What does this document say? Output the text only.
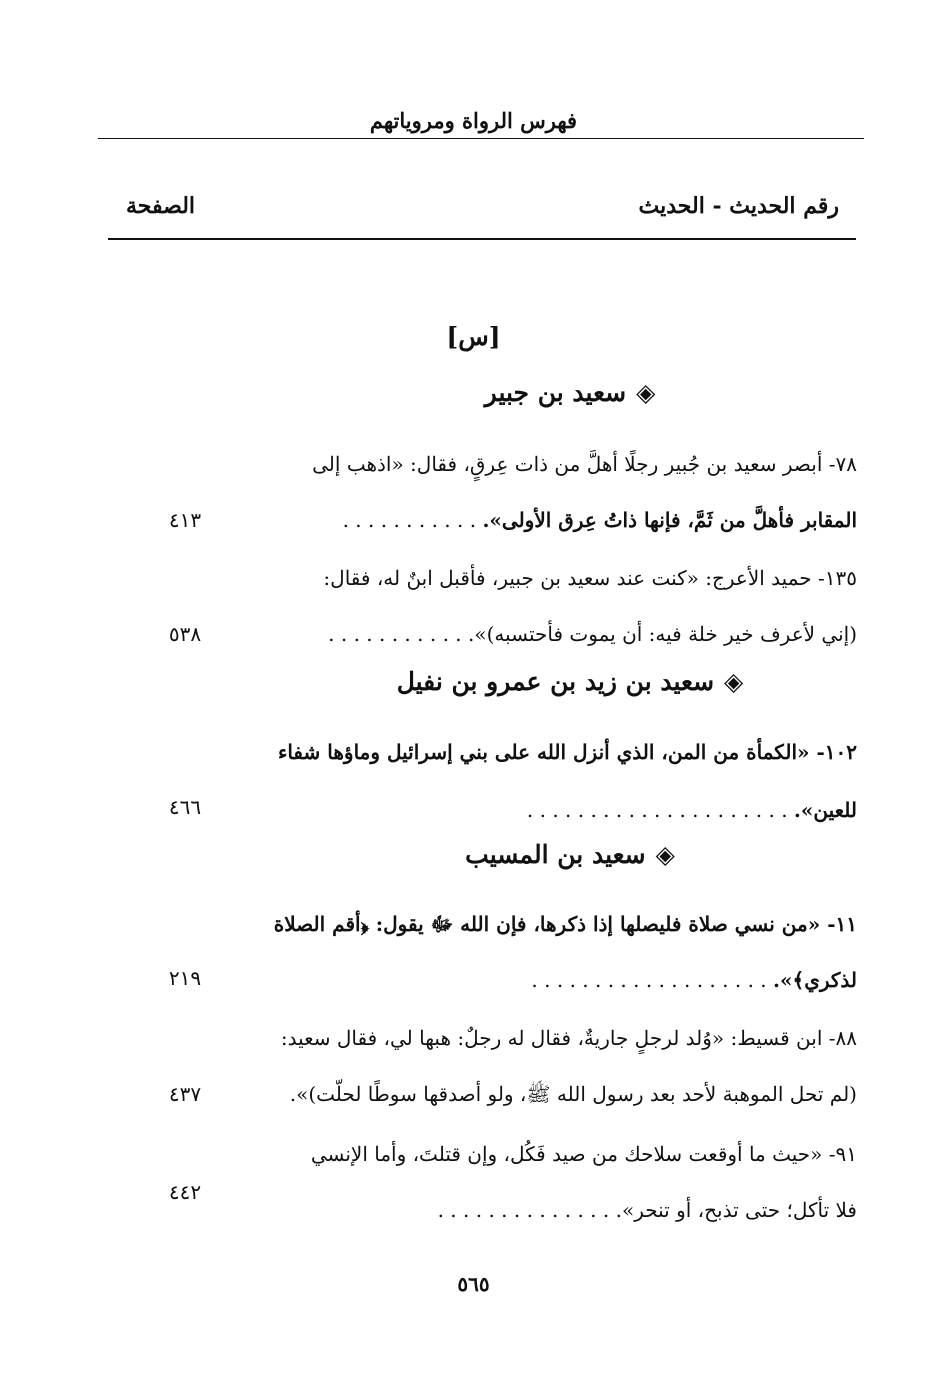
فهرس الرواة ومروياتهم
رقم الحديث - الحديث
الصفحة
[س]
◈سعيد بن جبير
٧٨- أبصر سعيد بن جُبير رجلًا أهلَّ من ذات عِرقٍ، فقال: «اذهب إلى
المقابر فأهلَّ من ثَمَّ، فإنها ذاتُ عِرق الأولى». . . . . . . . . . . .
٤١٣
١٣٥- حميد الأعرج: «كنت عند سعيد بن جبير، فأقبل ابنٌ له، فقال:
(إني لأعرف خير خلة فيه: أن يموت فأحتسبه)». . . . . . . . . . . .
٥٣٨
◈سعيد بن زيد بن عمرو بن نفيل
١٠٢- «الكمأة من المن، الذي أنزل الله على بني إسرائيل وماؤها شفاء
للعين». . . . . . . . . . . . . . . . . . . . . .
٤٦٦
◈سعيد بن المسيب
١١- «من نسي صلاة فليصلها إذا ذكرها، فإن الله ﷻ يقول: ﴿أقم الصلاة
لذكري﴾». . . . . . . . . . . . . . . . . . . .
٢١٩
٨٨- ابن قسيط: «وُلد لرجلٍ جاريةٌ، فقال له رجلٌ: هبها لي، فقال سعيد:
(لم تحل الموهبة لأحد بعد رسول الله ﷺ، ولو أصدقها سوطًا لحلّت)».
٤٣٧
٩١- «حيث ما أوقعت سلاحك من صيد فَكُل، وإن قتلتَ، وأما الإنسي
فلا تأكل؛ حتى تذبح، أو تنحر». . . . . . . . . . . . . . .
٤٤٢
٥٦٥
